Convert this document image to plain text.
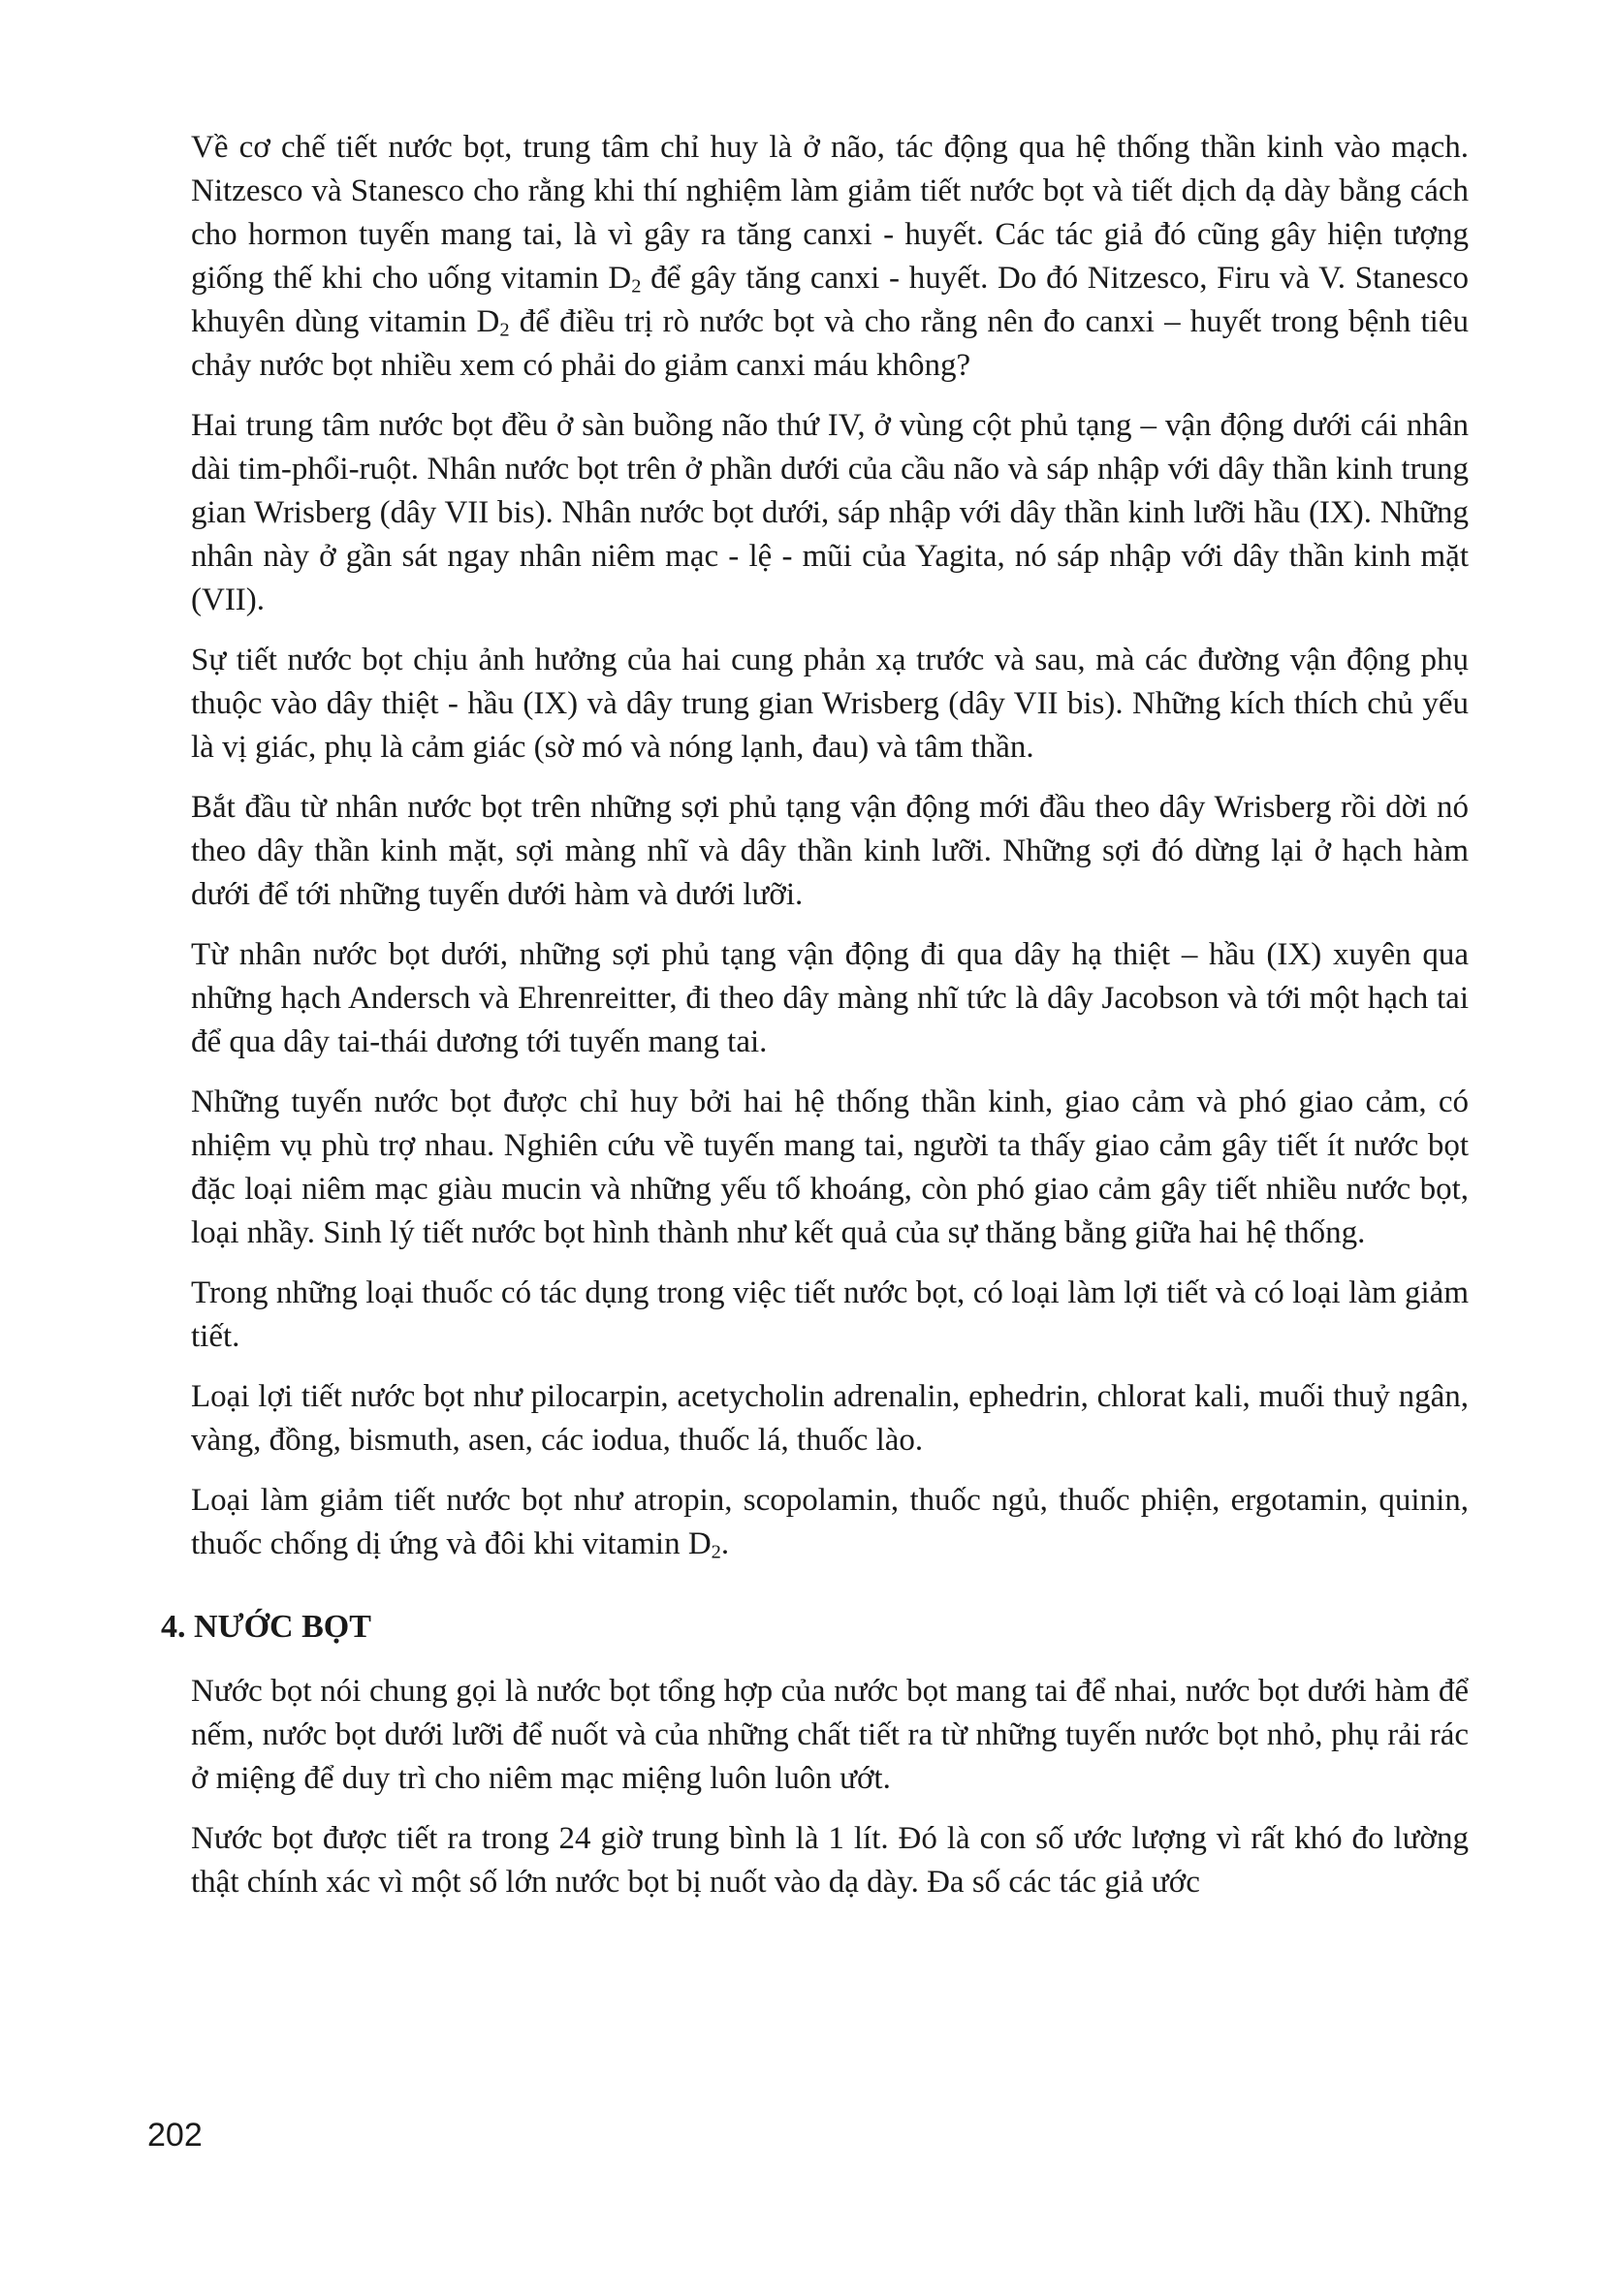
Về cơ chế tiết nước bọt, trung tâm chỉ huy là ở não, tác động qua hệ thống thần kinh vào mạch. Nitzesco và Stanesco cho rằng khi thí nghiệm làm giảm tiết nước bọt và tiết dịch dạ dày bằng cách cho hormon tuyến mang tai, là vì gây ra tăng canxi - huyết. Các tác giả đó cũng gây hiện tượng giống thế khi cho uống vitamin $D_2$ để gây tăng canxi - huyết. Do đó Nitzesco, Firu và V. Stanesco khuyên dùng vitamin $D_2$ để điều trị rò nước bọt và cho rằng nên đo canxi – huyết trong bệnh tiêu chảy nước bọt nhiều xem có phải do giảm canxi máu không?

Hai trung tâm nước bọt đều ở sàn buồng não thứ IV, ở vùng cột phủ tạng – vận động dưới cái nhân dài tim-phổi-ruột. Nhân nước bọt trên ở phần dưới của cầu não và sáp nhập với dây thần kinh trung gian Wrisberg (dây VII bis). Nhân nước bọt dưới, sáp nhập với dây thần kinh lưỡi hầu (IX). Những nhân này ở gần sát ngay nhân niêm mạc - lệ - mũi của Yagita, nó sáp nhập với dây thần kinh mặt (VII).

Sự tiết nước bọt chịu ảnh hưởng của hai cung phản xạ trước và sau, mà các đường vận động phụ thuộc vào dây thiệt - hầu (IX) và dây trung gian Wrisberg (dây VII bis). Những kích thích chủ yếu là vị giác, phụ là cảm giác (sờ mó và nóng lạnh, đau) và tâm thần.

Bắt đầu từ nhân nước bọt trên những sợi phủ tạng vận động mới đầu theo dây Wrisberg rồi dời nó theo dây thần kinh mặt, sợi màng nhĩ và dây thần kinh lưỡi. Những sợi đó dừng lại ở hạch hàm dưới để tới những tuyến dưới hàm và dưới lưỡi.

Từ nhân nước bọt dưới, những sợi phủ tạng vận động đi qua dây hạ thiệt – hầu (IX) xuyên qua những hạch Andersch và Ehrenreitter, đi theo dây màng nhĩ tức là dây Jacobson và tới một hạch tai để qua dây tai-thái dương tới tuyến mang tai.

Những tuyến nước bọt được chỉ huy bởi hai hệ thống thần kinh, giao cảm và phó giao cảm, có nhiệm vụ phù trợ nhau. Nghiên cứu về tuyến mang tai, người ta thấy giao cảm gây tiết ít nước bọt đặc loại niêm mạc giàu mucin và những yếu tố khoáng, còn phó giao cảm gây tiết nhiều nước bọt, loại nhầy. Sinh lý tiết nước bọt hình thành như kết quả của sự thăng bằng giữa hai hệ thống.

Trong những loại thuốc có tác dụng trong việc tiết nước bọt, có loại làm lợi tiết và có loại làm giảm tiết.

Loại lợi tiết nước bọt như pilocarpin, acetycholin adrenalin, ephedrin, chlorat kali, muối thuỷ ngân, vàng, đồng, bismuth, asen, các iodua, thuốc lá, thuốc lào.

Loại làm giảm tiết nước bọt như atropin, scopolamin, thuốc ngủ, thuốc phiện, ergotamin, quinin, thuốc chống dị ứng và đôi khi vitamin $D_2$.

4. NƯỚC BỌT

Nước bọt nói chung gọi là nước bọt tổng hợp của nước bọt mang tai để nhai, nước bọt dưới hàm để nếm, nước bọt dưới lưỡi để nuốt và của những chất tiết ra từ những tuyến nước bọt nhỏ, phụ rải rác ở miệng để duy trì cho niêm mạc miệng luôn luôn ướt.

Nước bọt được tiết ra trong 24 giờ trung bình là 1 lít. Đó là con số ước lượng vì rất khó đo lường thật chính xác vì một số lớn nước bọt bị nuốt vào dạ dày. Đa số các tác giả ước

202
